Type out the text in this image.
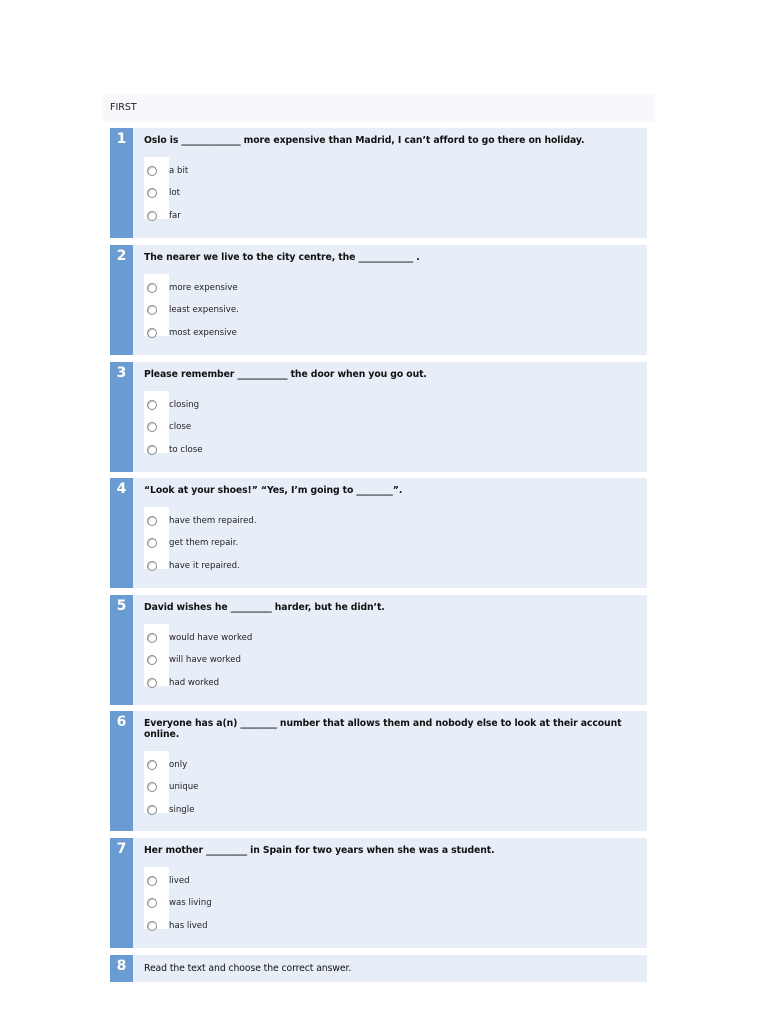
FIRST
1	Oslo is _____________ more expensive than Madrid, I can’t afford to go there on holiday.
a bit
lot
far
2	The nearer we live to the city centre, the ____________ .
more expensive
least expensive.
most expensive
3	Please remember ___________ the door when you go out.
closing
close
to close
4	“Look at your shoes!” “Yes, I’m going to ________”.
have them repaired.
get them repair.
have it repaired.
5	David wishes he _________ harder, but he didn’t.
would have worked
will have worked
had worked
6	Everyone has a(n) ________ number that allows them and nobody else to look at their account online.
only
unique
single
7	Her mother _________ in Spain for two years when she was a student.
lived
was living
has lived
8	Read the text and choose the correct answer.
